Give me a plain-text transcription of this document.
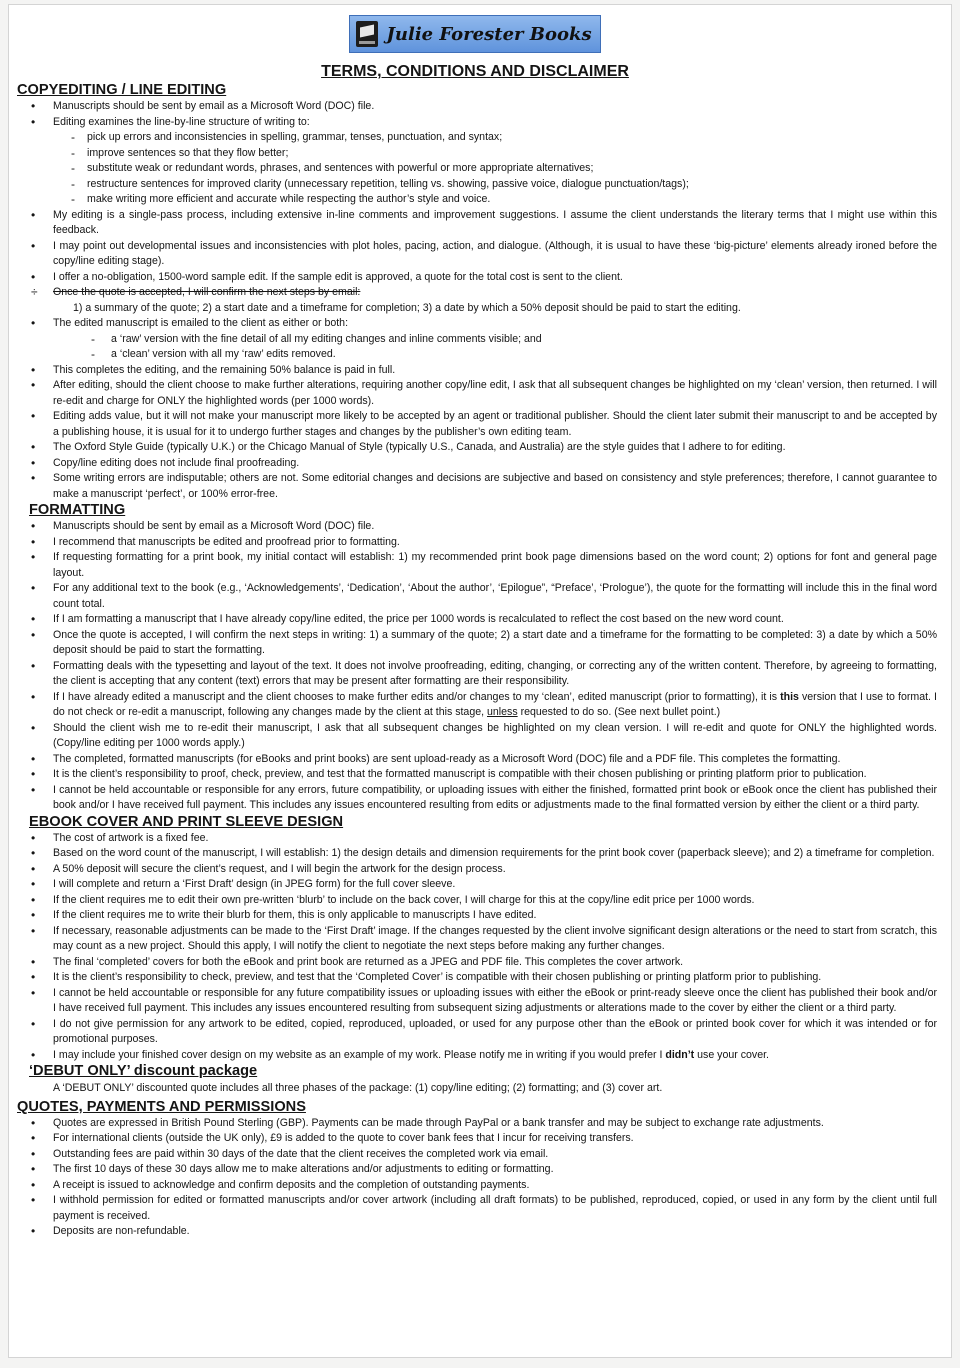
Julie Forester Books
TERMS, CONDITIONS AND DISCLAIMER
COPYEDITING / LINE EDITING
• Manuscripts should be sent by email as a Microsoft Word (DOC) file.
• Editing examines the line-by-line structure of writing to:
- pick up errors and inconsistencies in spelling, grammar, tenses, punctuation, and syntax;
- improve sentences so that they flow better;
- substitute weak or redundant words, phrases, and sentences with powerful or more appropriate alternatives;
- restructure sentences for improved clarity (unnecessary repetition, telling vs. showing, passive voice, dialogue punctuation/tags);
- make writing more efficient and accurate while respecting the author’s style and voice.
• My editing is a single-pass process, including extensive in-line comments and improvement suggestions. I assume the client understands the literary terms that I might use within this feedback.
• I may point out developmental issues and inconsistencies with plot holes, pacing, action, and dialogue. (Although, it is usual to have these ‘big-picture’ elements already ironed before the copy/line editing stage).
• I offer a no-obligation, 1500-word sample edit. If the sample edit is approved, a quote for the total cost is sent to the client.
÷ Once the quote is accepted, I will confirm the next steps by email:
1) a summary of the quote; 2) a start date and a timeframe for completion; 3) a date by which a 50% deposit should be paid to start the editing.
• The edited manuscript is emailed to the client as either or both:
- a ‘raw’ version with the fine detail of all my editing changes and inline comments visible; and
- a ‘clean’ version with all my ‘raw’ edits removed.
• This completes the editing, and the remaining 50% balance is paid in full.
• After editing, should the client choose to make further alterations, requiring another copy/line edit, I ask that all subsequent changes be highlighted on my ‘clean’ version, then returned. I will re-edit and charge for ONLY the highlighted words (per 1000 words).
• Editing adds value, but it will not make your manuscript more likely to be accepted by an agent or traditional publisher. Should the client later submit their manuscript to and be accepted by a publishing house, it is usual for it to undergo further stages and changes by the publisher’s own editing team.
• The Oxford Style Guide (typically U.K.) or the Chicago Manual of Style (typically U.S., Canada, and Australia) are the style guides that I adhere to for editing.
• Copy/line editing does not include final proofreading.
• Some writing errors are indisputable; others are not. Some editorial changes and decisions are subjective and based on consistency and style preferences; therefore, I cannot guarantee to make a manuscript ‘perfect’, or 100% error-free.
FORMATTING
• Manuscripts should be sent by email as a Microsoft Word (DOC) file.
• I recommend that manuscripts be edited and proofread prior to formatting.
• If requesting formatting for a print book, my initial contact will establish: 1) my recommended print book page dimensions based on the word count; 2) options for font and general page layout.
• For any additional text to the book (e.g., ‘Acknowledgements’, ‘Dedication’, ‘About the author’, ‘Epilogue”, “Preface’, ‘Prologue’), the quote for the formatting will include this in the final word count total.
• If I am formatting a manuscript that I have already copy/line edited, the price per 1000 words is recalculated to reflect the cost based on the new word count.
• Once the quote is accepted, I will confirm the next steps in writing: 1) a summary of the quote; 2) a start date and a timeframe for the formatting to be completed: 3) a date by which a 50% deposit should be paid to start the formatting.
• Formatting deals with the typesetting and layout of the text. It does not involve proofreading, editing, changing, or correcting any of the written content. Therefore, by agreeing to formatting, the client is accepting that any content (text) errors that may be present after formatting are their responsibility.
• If I have already edited a manuscript and the client chooses to make further edits and/or changes to my ‘clean’, edited manuscript (prior to formatting), it is this version that I use to format. I do not check or re-edit a manuscript, following any changes made by the client at this stage, unless requested to do so. (See next bullet point.)
• Should the client wish me to re-edit their manuscript, I ask that all subsequent changes be highlighted on my clean version. I will re-edit and quote for ONLY the highlighted words. (Copy/line editing per 1000 words apply.)
• The completed, formatted manuscripts (for eBooks and print books) are sent upload-ready as a Microsoft Word (DOC) file and a PDF file. This completes the formatting.
• It is the client’s responsibility to proof, check, preview, and test that the formatted manuscript is compatible with their chosen publishing or printing platform prior to publication.
• I cannot be held accountable or responsible for any errors, future compatibility, or uploading issues with either the finished, formatted print book or eBook once the client has published their book and/or I have received full payment. This includes any issues encountered resulting from edits or adjustments made to the final formatted version by either the client or a third party.
EBOOK COVER AND PRINT SLEEVE DESIGN
• The cost of artwork is a fixed fee.
• Based on the word count of the manuscript, I will establish: 1) the design details and dimension requirements for the print book cover (paperback sleeve); and 2) a timeframe for completion.
• A 50% deposit will secure the client’s request, and I will begin the artwork for the design process.
• I will complete and return a ‘First Draft’ design (in JPEG form) for the full cover sleeve.
• If the client requires me to edit their own pre-written ‘blurb’ to include on the back cover, I will charge for this at the copy/line edit price per 1000 words.
• If the client requires me to write their blurb for them, this is only applicable to manuscripts I have edited.
• If necessary, reasonable adjustments can be made to the ‘First Draft’ image. If the changes requested by the client involve significant design alterations or the need to start from scratch, this may count as a new project. Should this apply, I will notify the client to negotiate the next steps before making any further changes.
• The final ‘completed’ covers for both the eBook and print book are returned as a JPEG and PDF file. This completes the cover artwork.
• It is the client’s responsibility to check, preview, and test that the ‘Completed Cover’ is compatible with their chosen publishing or printing platform prior to publishing.
• I cannot be held accountable or responsible for any future compatibility issues or uploading issues with either the eBook or print-ready sleeve once the client has published their book and/or I have received full payment. This includes any issues encountered resulting from subsequent sizing adjustments or alterations made to the cover by either the client or a third party.
• I do not give permission for any artwork to be edited, copied, reproduced, uploaded, or used for any purpose other than the eBook or printed book cover for which it was intended or for promotional purposes.
• I may include your finished cover design on my website as an example of my work. Please notify me in writing if you would prefer I didn’t use your cover.
‘DEBUT ONLY’ discount package
A ‘DEBUT ONLY’ discounted quote includes all three phases of the package: (1) copy/line editing; (2) formatting; and (3) cover art.
QUOTES, PAYMENTS AND PERMISSIONS
• Quotes are expressed in British Pound Sterling (GBP). Payments can be made through PayPal or a bank transfer and may be subject to exchange rate adjustments.
• For international clients (outside the UK only), £9 is added to the quote to cover bank fees that I incur for receiving transfers.
• Outstanding fees are paid within 30 days of the date that the client receives the completed work via email.
• The first 10 days of these 30 days allow me to make alterations and/or adjustments to editing or formatting.
• A receipt is issued to acknowledge and confirm deposits and the completion of outstanding payments.
• I withhold permission for edited or formatted manuscripts and/or cover artwork (including all draft formats) to be published, reproduced, copied, or used in any form by the client until full payment is received.
• Deposits are non-refundable.
